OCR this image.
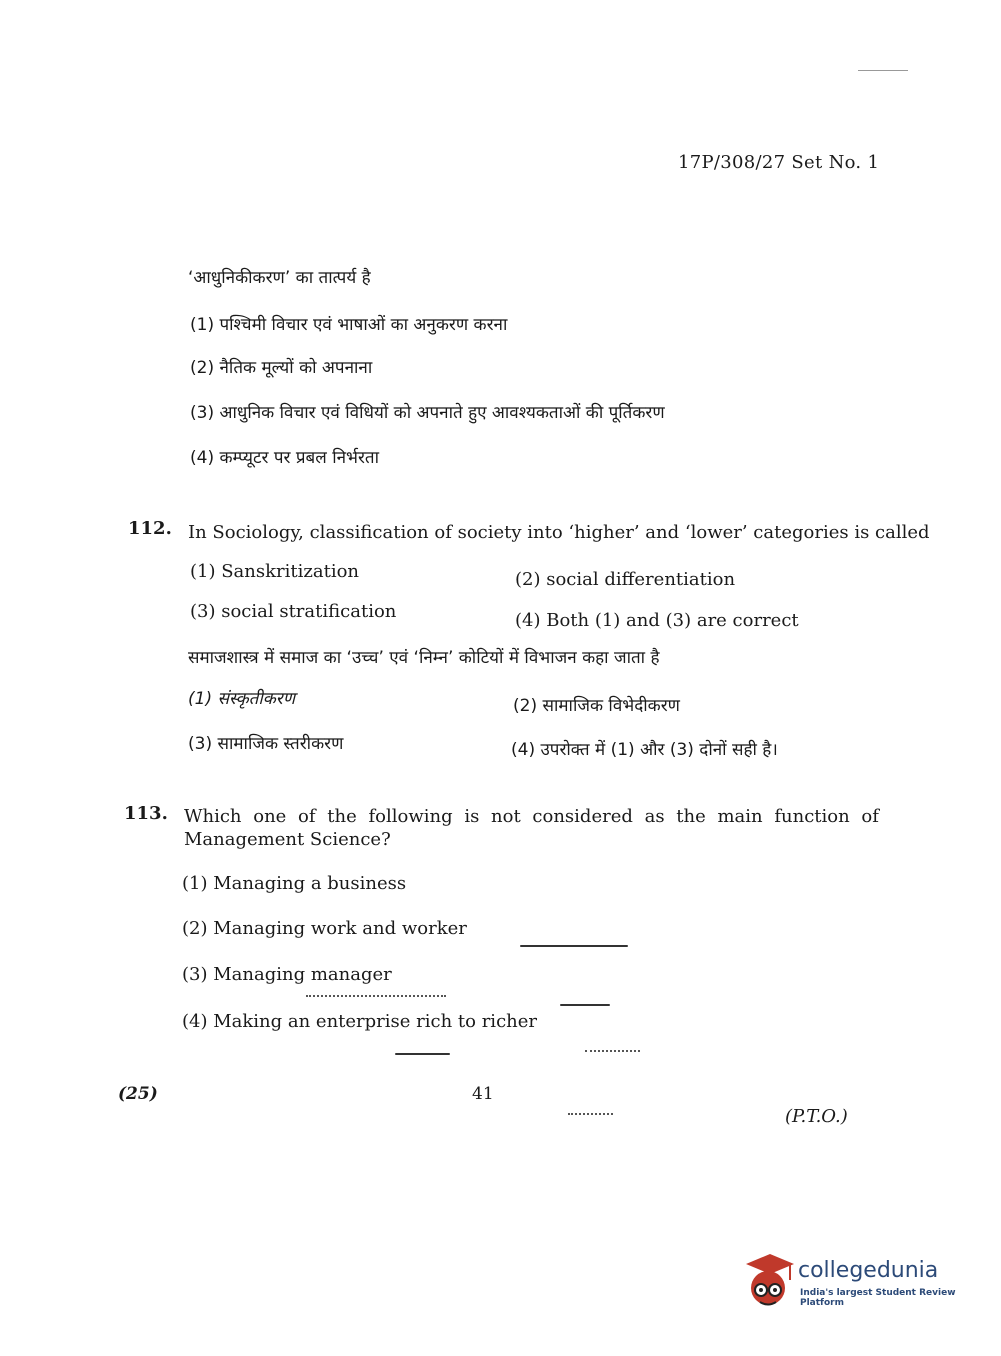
17P/308/27 Set No. 1
‘आधुनिकीकरण’ का तात्पर्य है
(1) पश्चिमी विचार एवं भाषाओं का अनुकरण करना
(2) नैतिक मूल्यों को अपनाना
(3) आधुनिक विचार एवं विधियों को अपनाते हुए आवश्यकताओं की पूर्तिकरण
(4) कम्प्यूटर पर प्रबल निर्भरता
112. In Sociology, classification of society into ‘higher’ and ‘lower’ categories is called
(1) Sanskritization	(2) social differentiation
(3) social stratification	(4) Both (1) and (3) are correct
समाजशास्त्र में समाज का ‘उच्च’ एवं ‘निम्न’ कोटियों में विभाजन कहा जाता है
(1) संस्कृतीकरण	(2) सामाजिक विभेदीकरण
(3) सामाजिक स्तरीकरण	(4) उपरोक्त में (1) और (3) दोनों सही है।
113. Which one of the following is not considered as the main function of
Management Science?
(1) Managing a business
(2) Managing work and worker
(3) Managing manager
(4) Making an enterprise rich to richer
(25)	41
(P.T.O.)
collegedunia
India's largest Student Review Platform
